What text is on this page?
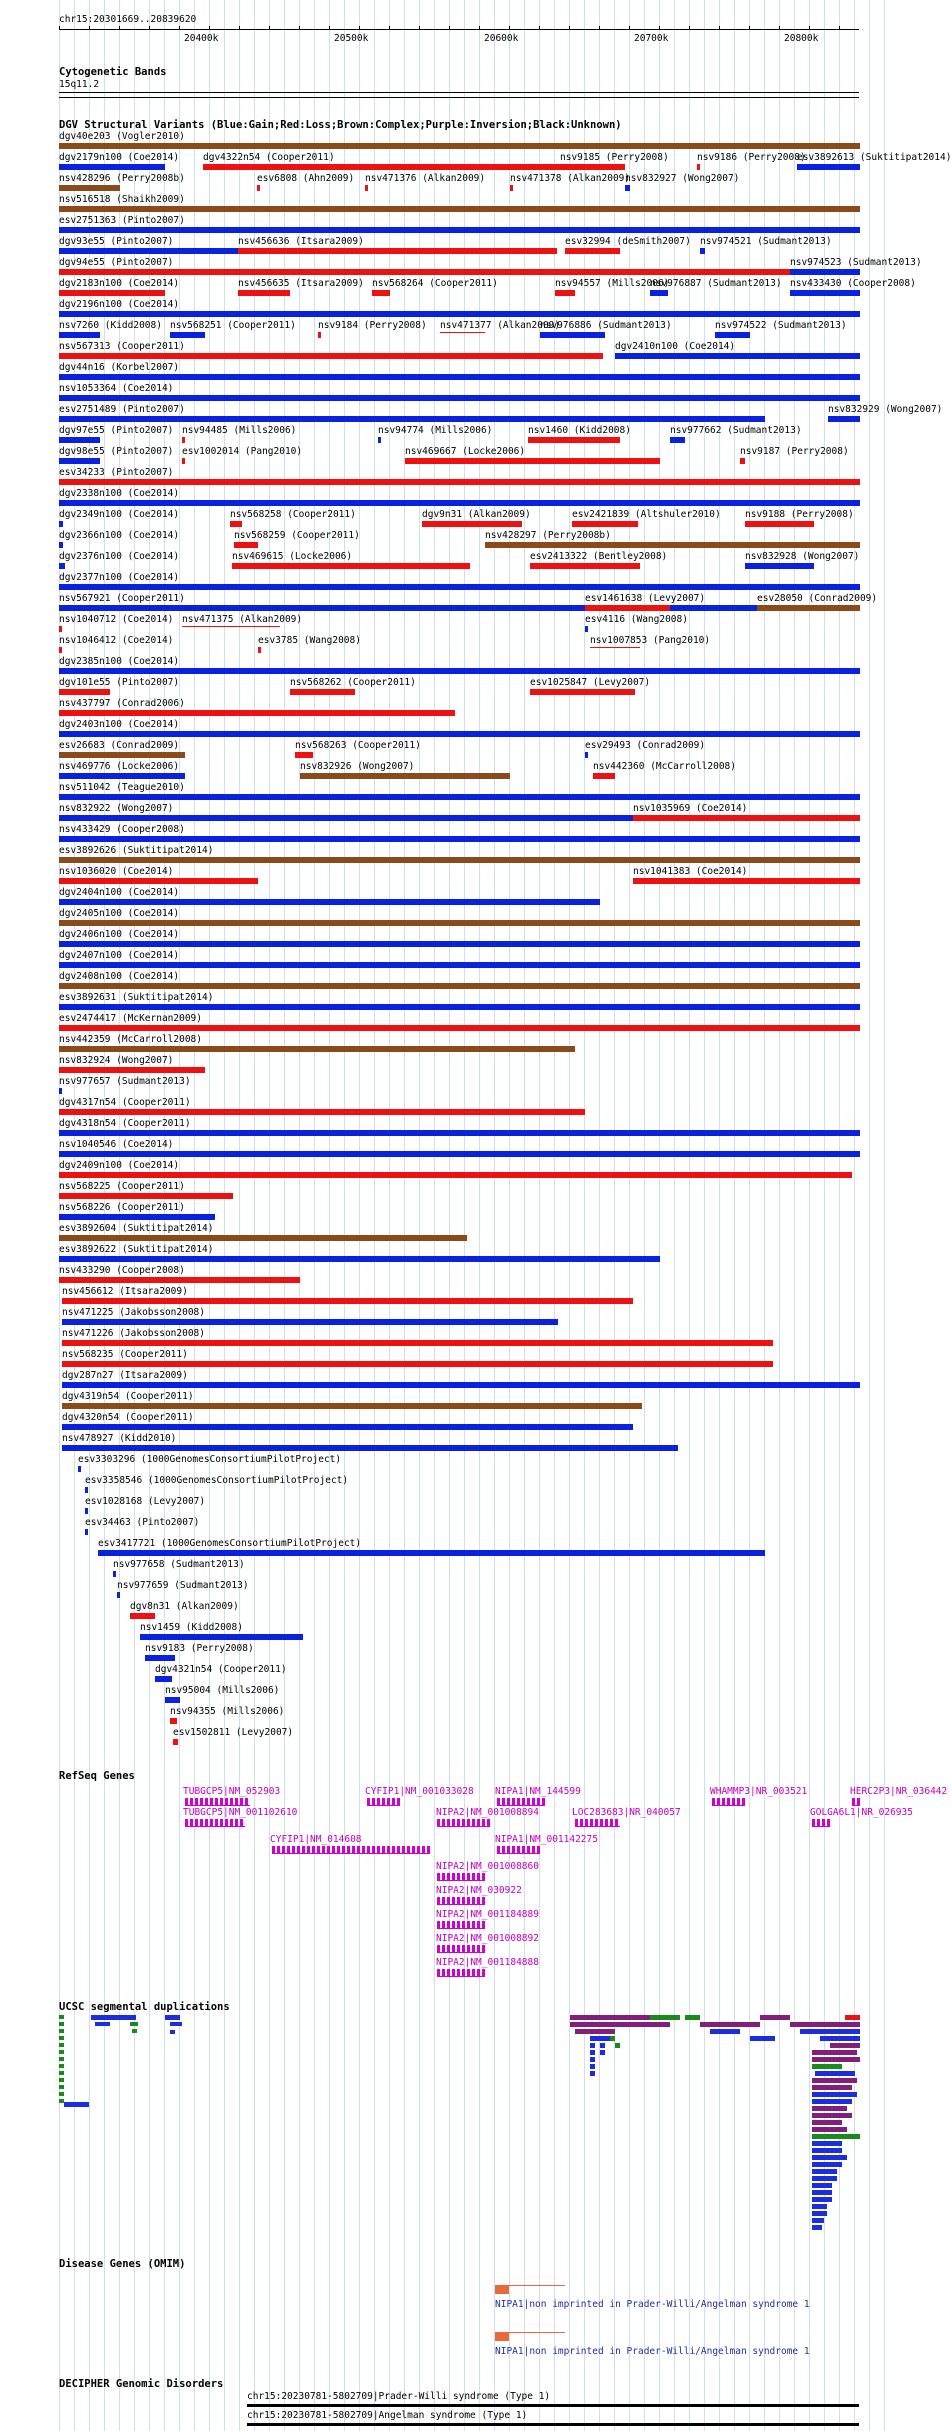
chr15:20301669..20839620
20400k	20500k	20600k	20700k	20800k
Cytogenetic Bands
15q11.2
DGV Structural Variants (Blue:Gain;Red:Loss;Brown:Complex;Purple:Inversion;Black:Unknown)
dgv40e203 (Vogler2010)
dgv2179n100 (Coe2014)	dgv4322n54 (Cooper2011)	nsv9185 (Perry2008)	nsv9186 (Perry2008)
esv3892613 (Suktitipat2014)
nsv428296 (Perry2008b)	esv6808 (Ahn2009) nsv471376 (Alkan2009)	nsv471378 (Alkan2009)
nsv832927 (Wong2007)
nsv516518 (Shaikh2009)
esv2751363 (Pinto2007)
dgv93e55 (Pinto2007)	nsv456636 (Itsara2009)	esv32994 (deSmith2007) nsv974521 (Sudmant2013)
dgv94e55 (Pinto2007)	nsv974523 (Sudmant2013)
dgv2183n100 (Coe2014)	nsv456635 (Itsara2009) nsv568264 (Cooper2011)	nsv94557 (Mills2006)
nsv976887 (Sudmant2013) nsv433430 (Cooper2008)
dgv2196n100 (Coe2014)
nsv7260 (Kidd2008) nsv568251 (Cooper2011) nsv9184 (Perry2008) nsv471377 (Alkan2009)
nsv976886 (Sudmant2013)	nsv974522 (Sudmant2013)
nsv567313 (Cooper2011)	dgv2410n100 (Coe2014)
dgv44n16 (Korbel2007)
nsv1053364 (Coe2014)
esv2751489 (Pinto2007)	nsv832929 (Wong2007)
dgv97e55 (Pinto2007) nsv94485 (Mills2006)	nsv94774 (Mills2006)	nsv1460 (Kidd2008)	nsv977662 (Sudmant2013)
dgv98e55 (Pinto2007) esv1002014 (Pang2010)	nsv469667 (Locke2006)	nsv9187 (Perry2008)
esv34233 (Pinto2007)
dgv2338n100 (Coe2014)
dgv2349n100 (Coe2014)	nsv568258 (Cooper2011)	dgv9n31 (Alkan2009)	esv2421839 (Altshuler2010)	nsv9188 (Perry2008)
dgv2366n100 (Coe2014)	nsv568259 (Cooper2011)	nsv428297 (Perry2008b)
dgv2376n100 (Coe2014)	nsv469615 (Locke2006)	esv2413322 (Bentley2008)	nsv832928 (Wong2007)
dgv2377n100 (Coe2014)
nsv567921 (Cooper2011)	esv1461638 (Levy2007)	esv28050 (Conrad2009)
nsv1040712 (Coe2014) nsv471375 (Alkan2009)	esv4116 (Wang2008)
nsv1046412 (Coe2014)	esv3785 (Wang2008)	nsv1007853 (Pang2010)
dgv2385n100 (Coe2014)
dgv101e55 (Pinto2007)	nsv568262 (Cooper2011)	esv1025847 (Levy2007)
nsv437797 (Conrad2006)
dgv2403n100 (Coe2014)
esv26683 (Conrad2009)	nsv568263 (Cooper2011)	esv29493 (Conrad2009)
nsv469776 (Locke2006)	nsv832926 (Wong2007)	nsv442360 (McCarroll2008)
nsv511042 (Teague2010)
nsv832922 (Wong2007)	nsv1035969 (Coe2014)
nsv433429 (Cooper2008)
esv3892626 (Suktitipat2014)
nsv1036020 (Coe2014)	nsv1041383 (Coe2014)
dgv2404n100 (Coe2014)
dgv2405n100 (Coe2014)
dgv2406n100 (Coe2014)
dgv2407n100 (Coe2014)
dgv2408n100 (Coe2014)
esv3892631 (Suktitipat2014)
esv2474417 (McKernan2009)
nsv442359 (McCarroll2008)
nsv832924 (Wong2007)
nsv977657 (Sudmant2013)
dgv4317n54 (Cooper2011)
dgv4318n54 (Cooper2011)
nsv1040546 (Coe2014)
dgv2409n100 (Coe2014)
nsv568225 (Cooper2011)
nsv568226 (Cooper2011)
esv3892604 (Suktitipat2014)
esv3892622 (Suktitipat2014)
nsv433290 (Cooper2008)
nsv456612 (Itsara2009)
nsv471225 (Jakobsson2008)
nsv471226 (Jakobsson2008)
nsv568235 (Cooper2011)
dgv287n27 (Itsara2009)
dgv4319n54 (Cooper2011)
dgv4320n54 (Cooper2011)
nsv478927 (Kidd2010)
esv3303296 (1000GenomesConsortiumPilotProject)
esv3358546 (1000GenomesConsortiumPilotProject)
esv1028168 (Levy2007)
esv34463 (Pinto2007)
esv3417721 (1000GenomesConsortiumPilotProject)
nsv977658 (Sudmant2013)
nsv977659 (Sudmant2013)
dgv8n31 (Alkan2009)
nsv1459 (Kidd2008)
nsv9183 (Perry2008)
dgv4321n54 (Cooper2011)
nsv95004 (Mills2006)
nsv94355 (Mills2006)
esv1502811 (Levy2007)
RefSeq Genes
TUBGCP5|NM_052903
TUBGCP5|NM_001102610
CYFIP1|NM_001033028
CYFIP1|NM_014608
NIPA1|NM_144599
NIPA2|NM_001008894
NIPA1|NM_001142275
LOC283683|NR_040057
WHAMMP3|NR_003521	HERC2P3|NR_036442
GOLGA6L1|NR_026935
NIPA2|NM_001008860
NIPA2|NM_030922
NIPA2|NM_001184889
NIPA2|NM_001008892
NIPA2|NM_001184888
UCSC segmental duplications
Disease Genes (OMIM)
NIPA1|non imprinted in Prader-Willi/Angelman syndrome 1
NIPA1|non imprinted in Prader-Willi/Angelman syndrome 1
DECIPHER Genomic Disorders
chr15:20230781-5802709|Prader-Willi syndrome (Type 1)
chr15:20230781-5802709|Angelman syndrome (Type 1)
